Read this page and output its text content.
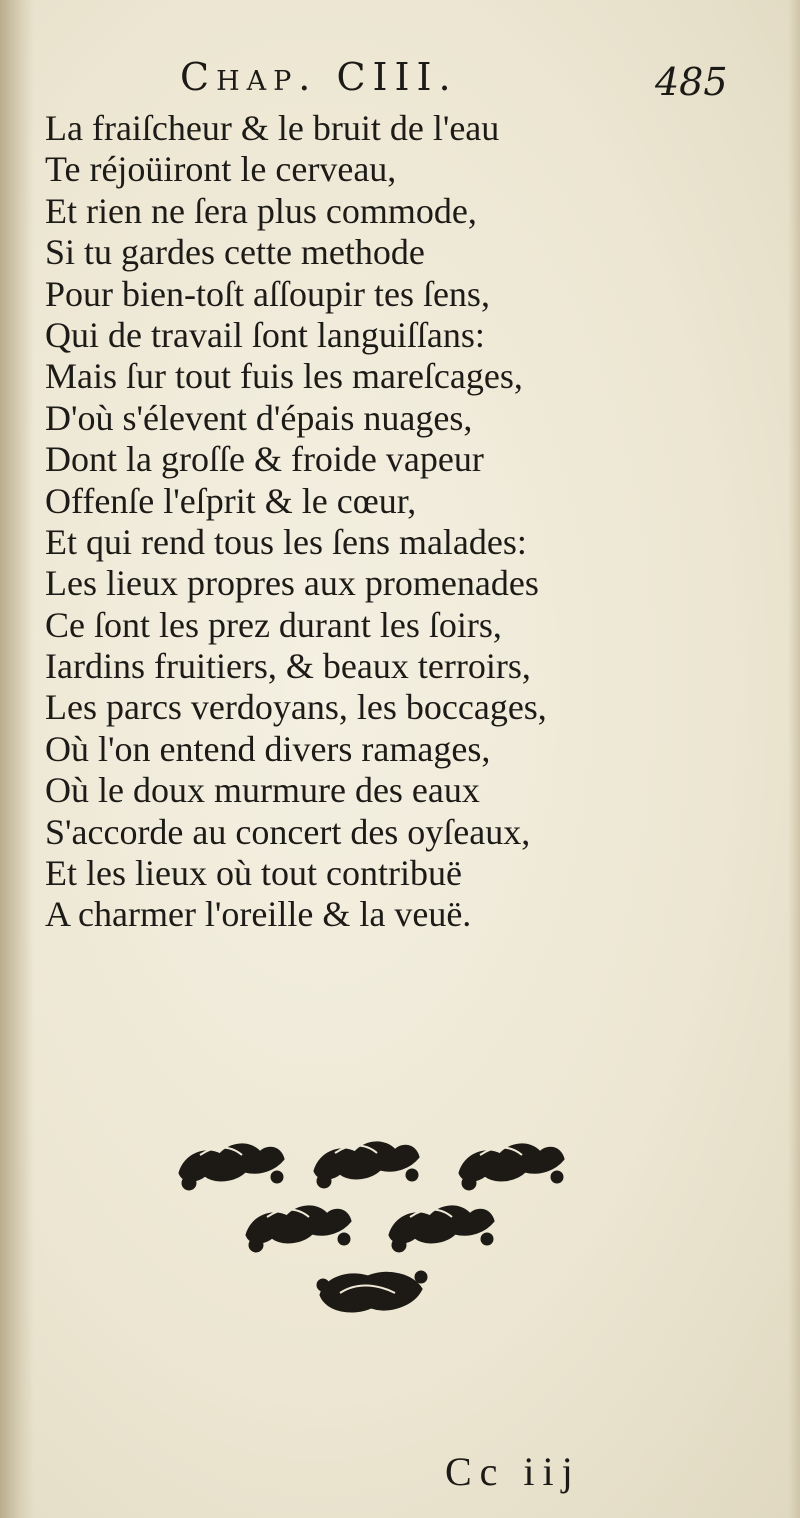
Chap. CIII.	485
La fraiſcheur & le bruit de l'eau
Te réjoüiront le cerveau,
Et rien ne ſera plus commode,
Si tu gardes cette methode
Pour bien-toſt aſſoupir tes ſens,
Qui de travail ſont languiſſans:
Mais ſur tout fuis les mareſcages,
D'où s'élevent d'épais nuages,
Dont la groſſe & froide vapeur
Offenſe l'eſprit & le cœur,
Et qui rend tous les ſens malades:
Les lieux propres aux promenades
Ce ſont les prez durant les ſoirs,
Iardins fruitiers, & beaux terroirs,
Les parcs verdoyans, les boccages,
Où l'on entend divers ramages,
Où le doux murmure des eaux
S'accorde au concert des oyſeaux,
Et les lieux où tout contribuë
A charmer l'oreille & la veuë.
Cc iij
